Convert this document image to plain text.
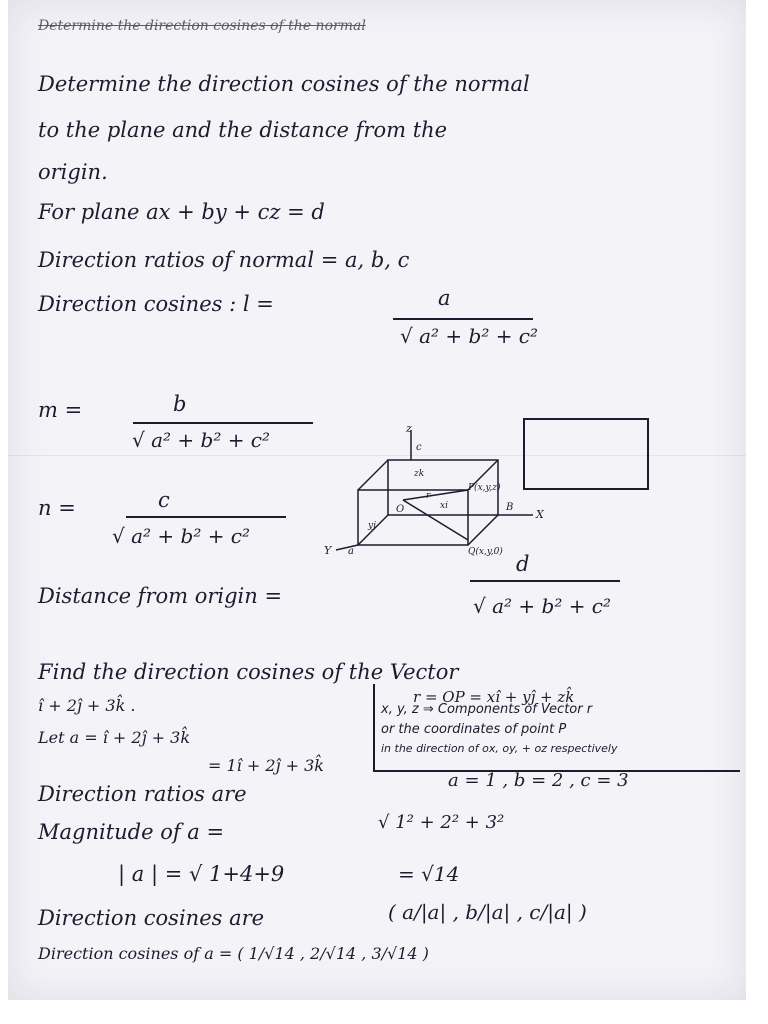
Determine the direction cosines of the normal
Determine the direction cosines of the normal
to the plane and the distance from the
origin.
For plane ax + by + cz = d
Direction ratios of normal = a, b, c
Direction cosines : l =	a
√ a² + b² + c²
m =	b
√ a² + b² + c²
n =	c
√ a² + b² + c²
Distance from origin =
d
√ a² + b² + c²
z
c
zk
r
xi
P(x,y,z)
B
X
yj
O
Y a	Q(x,y,0)
Find the direction cosines of the Vector
î + 2ĵ + 3k̂ .	r = OP = xî + yĵ + zk̂
Let a = î + 2ĵ + 3k̂
= 1î + 2ĵ + 3k̂
x, y, z ⇒ Components of Vector r
or the coordinates of point P
in the direction of ox, oy, + oz respectively
Direction ratios are
a = 1 , b = 2 , c = 3
Magnitude of a =	√ 1² + 2² + 3²
| a | = √ 1+4+9	= √14
Direction cosines are	( a/|a| , b/|a| , c/|a| )
Direction cosines of a = ( 1/√14 , 2/√14 , 3/√14 )
